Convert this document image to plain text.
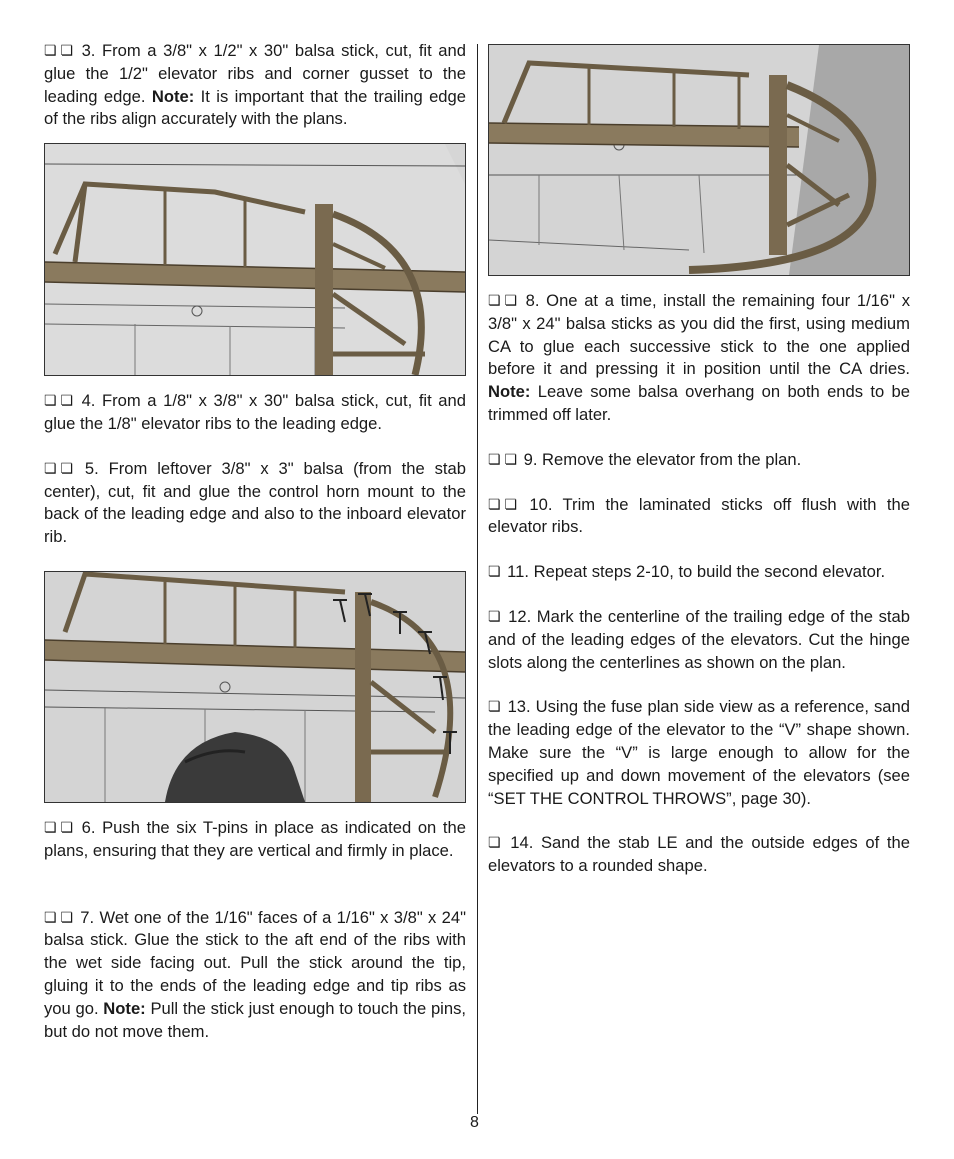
❏ ❏ 3. From a 3/8" x 1/2" x 30" balsa stick, cut, fit and glue the 1/2" elevator ribs and corner gusset to the leading edge. Note: It is important that the trailing edge of the ribs align accurately with the plans.

❏ ❏ 4. From a 1/8" x 3/8" x 30" balsa stick, cut, fit and glue the 1/8" elevator ribs to the leading edge.

❏ ❏ 5. From leftover 3/8" x 3" balsa (from the stab center), cut, fit and glue the control horn mount to the back of the leading edge and also to the inboard elevator rib.

❏ ❏ 6. Push the six T-pins in place as indicated on the plans, ensuring that they are vertical and firmly in place.

❏ ❏ 7. Wet one of the 1/16" faces of a 1/16" x 3/8" x 24" balsa stick. Glue the stick to the aft end of the ribs with the wet side facing out. Pull the stick around the tip, gluing it to the ends of the leading edge and tip ribs as you go. Note: Pull the stick just enough to touch the pins, but do not move them.

❏ ❏ 8. One at a time, install the remaining four 1/16" x 3/8" x 24" balsa sticks as you did the first, using medium CA to glue each successive stick to the one applied before it and pressing it in position until the CA dries. Note: Leave some balsa overhang on both ends to be trimmed off later.

❏ ❏ 9. Remove the elevator from the plan.

❏ ❏ 10. Trim the laminated sticks off flush with the elevator ribs.

❏ 11. Repeat steps 2-10, to build the second elevator.

❏ 12. Mark the centerline of the trailing edge of the stab and of the leading edges of the elevators. Cut the hinge slots along the centerlines as shown on the plan.

❏ 13. Using the fuse plan side view as a reference, sand the leading edge of the elevator to the “V” shape shown. Make sure the “V” is large enough to allow for the specified up and down movement of the elevators (see “SET THE CONTROL THROWS”, page 30).

❏ 14. Sand the stab LE and the outside edges of the elevators to a rounded shape.

8
